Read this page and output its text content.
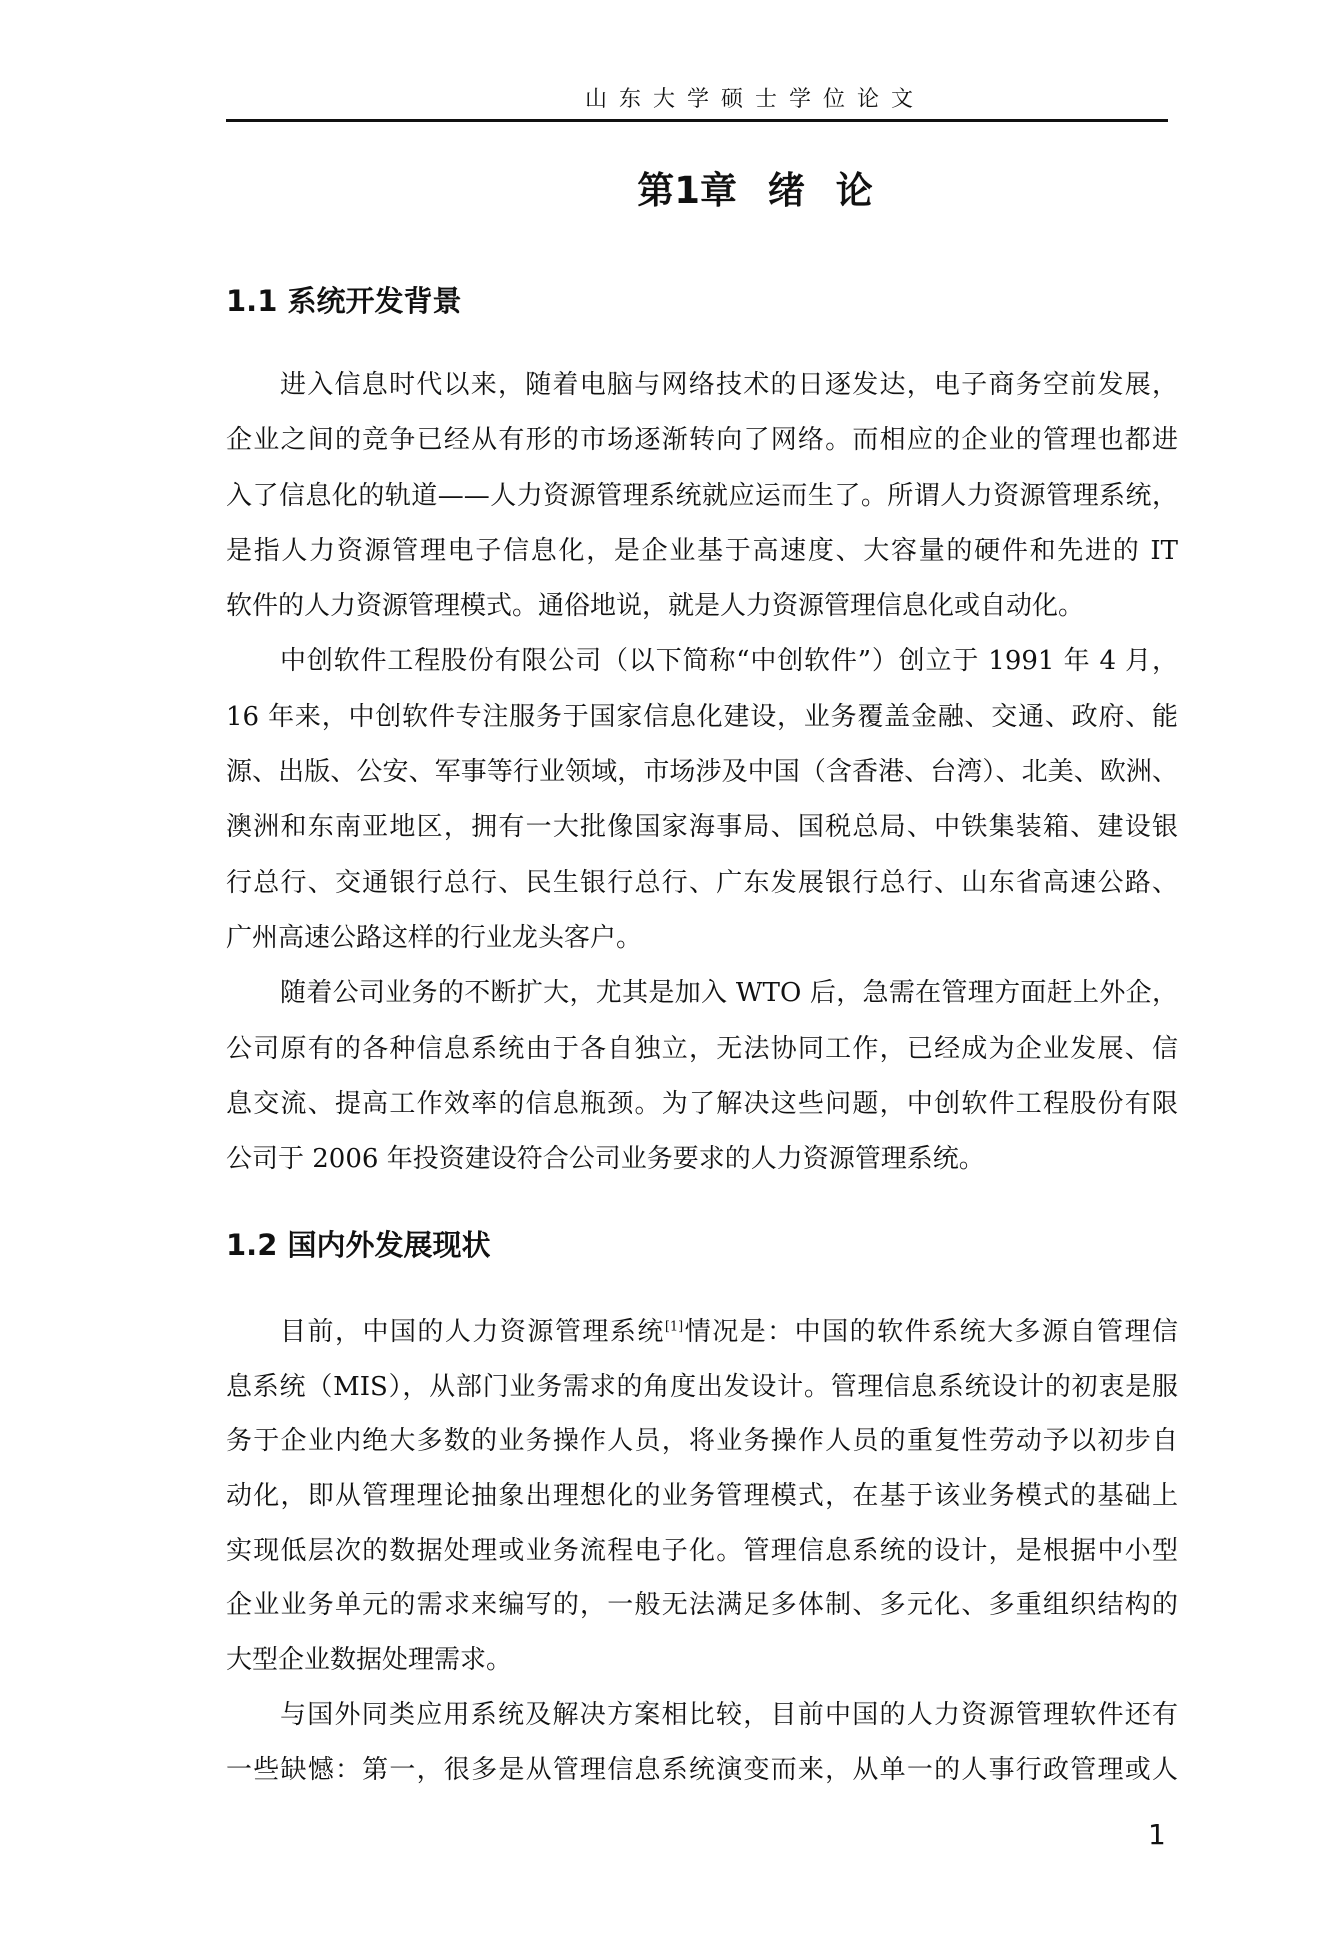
山东大学硕士学位论文
第1章 绪 论
1.1 系统开发背景
进入信息时代以来，随着电脑与网络技术的日逐发达，电子商务空前发展，
企业之间的竞争已经从有形的市场逐渐转向了网络。而相应的企业的管理也都进
入了信息化的轨道——人力资源管理系统就应运而生了。所谓人力资源管理系统，
是指人力资源管理电子信息化，是企业基于高速度、大容量的硬件和先进的 IT
软件的人力资源管理模式。通俗地说，就是人力资源管理信息化或自动化。
中创软件工程股份有限公司（以下简称“中创软件”）创立于 1991 年 4 月，
16 年来，中创软件专注服务于国家信息化建设，业务覆盖金融、交通、政府、能
源、出版、公安、军事等行业领域，市场涉及中国（含香港、台湾）、北美、欧洲、
澳洲和东南亚地区，拥有一大批像国家海事局、国税总局、中铁集装箱、建设银
行总行、交通银行总行、民生银行总行、广东发展银行总行、山东省高速公路、
广州高速公路这样的行业龙头客户。
随着公司业务的不断扩大，尤其是加入 WTO 后，急需在管理方面赶上外企，
公司原有的各种信息系统由于各自独立，无法协同工作，已经成为企业发展、信
息交流、提高工作效率的信息瓶颈。为了解决这些问题，中创软件工程股份有限
公司于 2006 年投资建设符合公司业务要求的人力资源管理系统。
1.2 国内外发展现状
目前，中国的人力资源管理系统[1]情况是：中国的软件系统大多源自管理信
息系统（MIS），从部门业务需求的角度出发设计。管理信息系统设计的初衷是服
务于企业内绝大多数的业务操作人员，将业务操作人员的重复性劳动予以初步自
动化，即从管理理论抽象出理想化的业务管理模式，在基于该业务模式的基础上
实现低层次的数据处理或业务流程电子化。管理信息系统的设计，是根据中小型
企业业务单元的需求来编写的，一般无法满足多体制、多元化、多重组织结构的
大型企业数据处理需求。
与国外同类应用系统及解决方案相比较，目前中国的人力资源管理软件还有
一些缺憾：第一，很多是从管理信息系统演变而来，从单一的人事行政管理或人
1
